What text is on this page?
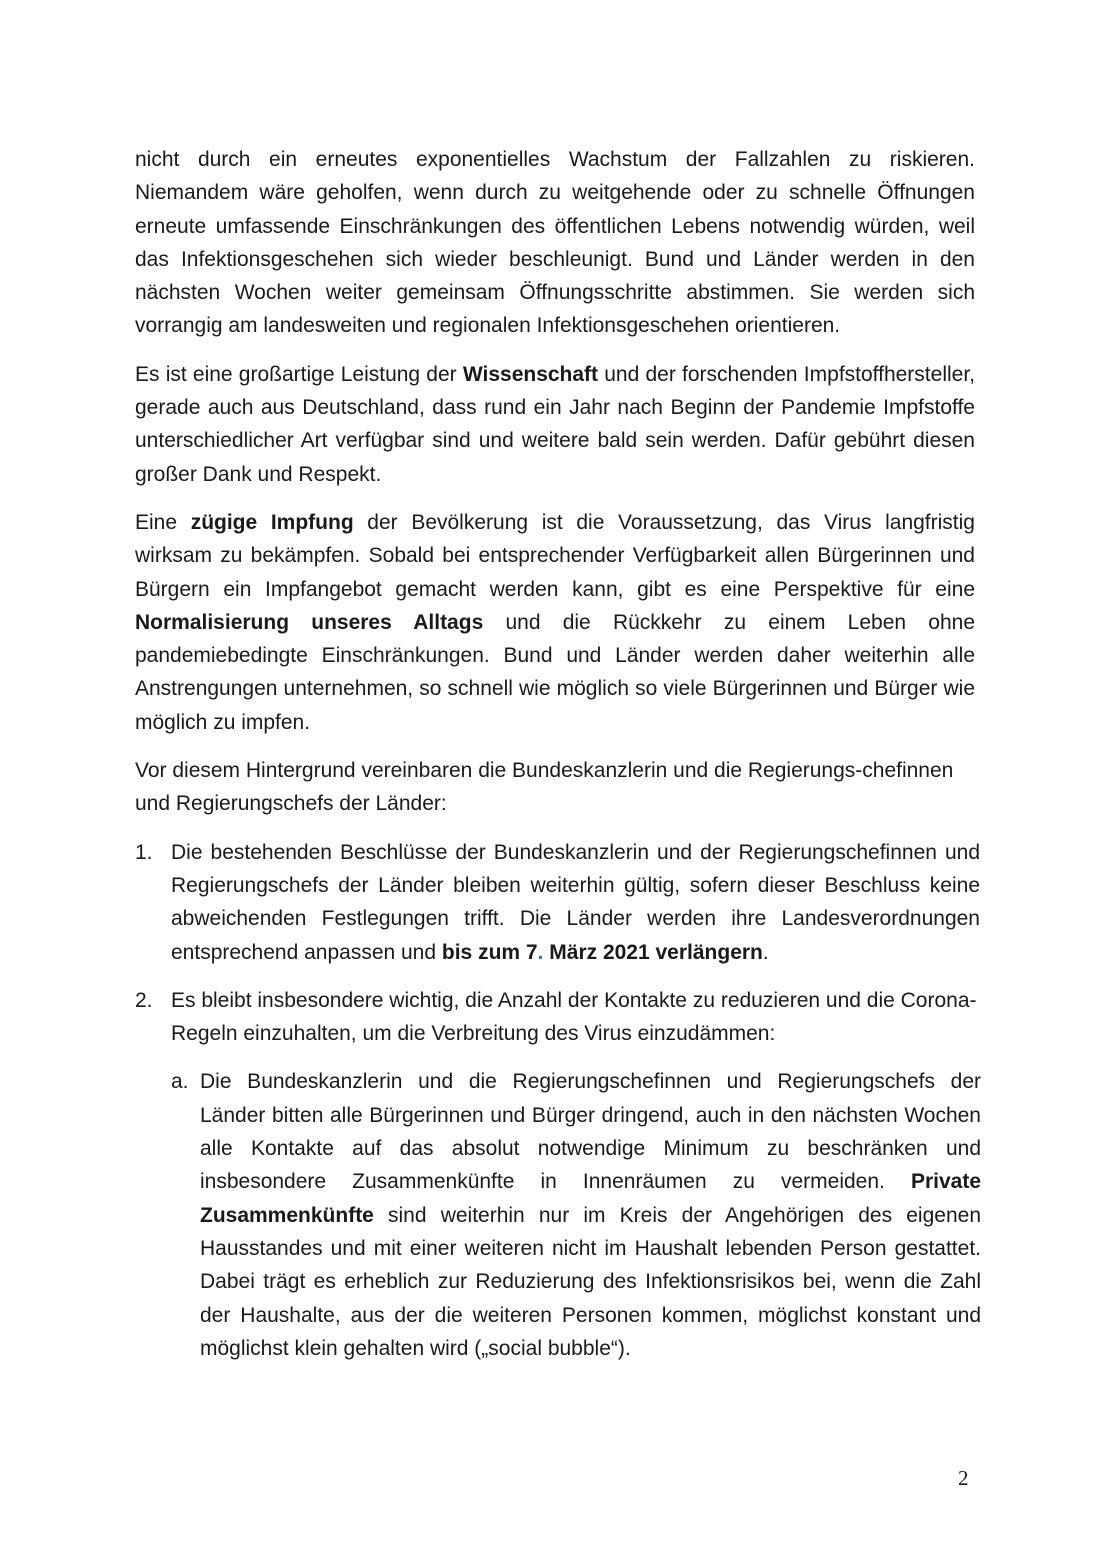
nicht durch ein erneutes exponentielles Wachstum der Fallzahlen zu riskieren. Niemandem wäre geholfen, wenn durch zu weitgehende oder zu schnelle Öffnungen erneute umfassende Einschränkungen des öffentlichen Lebens notwendig würden, weil das Infektionsgeschehen sich wieder beschleunigt. Bund und Länder werden in den nächsten Wochen weiter gemeinsam Öffnungsschritte abstimmen. Sie werden sich vorrangig am landesweiten und regionalen Infektionsgeschehen orientieren.

Es ist eine großartige Leistung der Wissenschaft und der forschenden Impfstoffhersteller, gerade auch aus Deutschland, dass rund ein Jahr nach Beginn der Pandemie Impfstoffe unterschiedlicher Art verfügbar sind und weitere bald sein werden. Dafür gebührt diesen großer Dank und Respekt.

Eine zügige Impfung der Bevölkerung ist die Voraussetzung, das Virus langfristig wirksam zu bekämpfen. Sobald bei entsprechender Verfügbarkeit allen Bürgerinnen und Bürgern ein Impfangebot gemacht werden kann, gibt es eine Perspektive für eine Normalisierung unseres Alltags und die Rückkehr zu einem Leben ohne pandemiebedingte Einschränkungen. Bund und Länder werden daher weiterhin alle Anstrengungen unternehmen, so schnell wie möglich so viele Bürgerinnen und Bürger wie möglich zu impfen.

Vor diesem Hintergrund vereinbaren die Bundeskanzlerin und die Regierungs-chefinnen und Regierungschefs der Länder:

1. Die bestehenden Beschlüsse der Bundeskanzlerin und der Regierungschefinnen und Regierungschefs der Länder bleiben weiterhin gültig, sofern dieser Beschluss keine abweichenden Festlegungen trifft. Die Länder werden ihre Landesverordnungen entsprechend anpassen und bis zum 7. März 2021 verlängern.

2. Es bleibt insbesondere wichtig, die Anzahl der Kontakte zu reduzieren und die Corona-Regeln einzuhalten, um die Verbreitung des Virus einzudämmen:

a. Die Bundeskanzlerin und die Regierungschefinnen und Regierungschefs der Länder bitten alle Bürgerinnen und Bürger dringend, auch in den nächsten Wochen alle Kontakte auf das absolut notwendige Minimum zu beschränken und insbesondere Zusammenkünfte in Innenräumen zu vermeiden. Private Zusammenkünfte sind weiterhin nur im Kreis der Angehörigen des eigenen Hausstandes und mit einer weiteren nicht im Haushalt lebenden Person gestattet. Dabei trägt es erheblich zur Reduzierung des Infektionsrisikos bei, wenn die Zahl der Haushalte, aus der die weiteren Personen kommen, möglichst konstant und möglichst klein gehalten wird („social bubble“).

2
